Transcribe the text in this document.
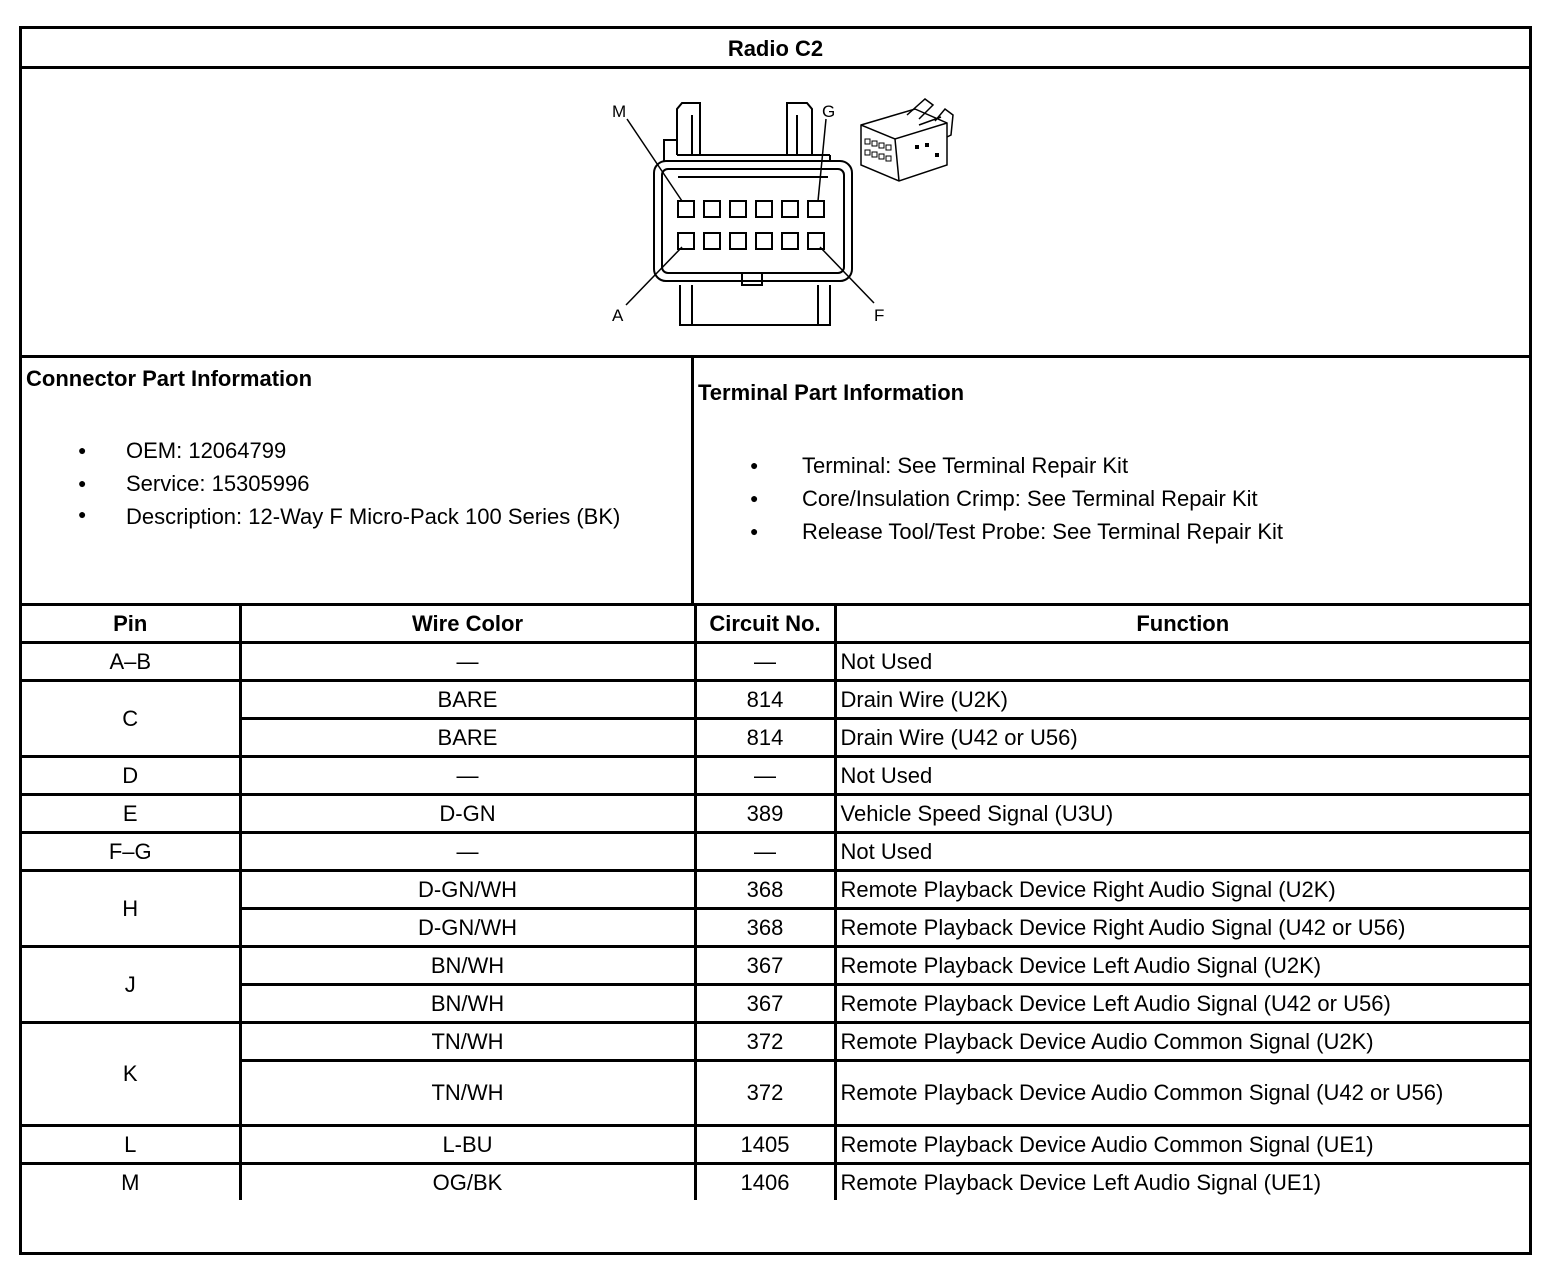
Radio C2
M	G
A	F
Connector Part Information
● OEM: 12064799
● Service: 15305996
● Description: 12-Way F Micro-Pack 100 Series (BK)
Terminal Part Information
● Terminal: See Terminal Repair Kit
● Core/Insulation Crimp: See Terminal Repair Kit
● Release Tool/Test Probe: See Terminal Repair Kit
Pin	Wire Color	Circuit No.	Function
A–B	—	—	Not Used
C	BARE	814	Drain Wire (U2K)
	BARE	814	Drain Wire (U42 or U56)
D	—	—	Not Used
E	D-GN	389	Vehicle Speed Signal (U3U)
F–G	—	—	Not Used
H	D-GN/WH	368	Remote Playback Device Right Audio Signal (U2K)
	D-GN/WH	368	Remote Playback Device Right Audio Signal (U42 or U56)
J	BN/WH	367	Remote Playback Device Left Audio Signal (U2K)
	BN/WH	367	Remote Playback Device Left Audio Signal (U42 or U56)
K	TN/WH	372	Remote Playback Device Audio Common Signal (U2K)
	TN/WH	372	Remote Playback Device Audio Common Signal (U42 or U56)
L	L-BU	1405	Remote Playback Device Audio Common Signal (UE1)
M	OG/BK	1406	Remote Playback Device Left Audio Signal (UE1)
